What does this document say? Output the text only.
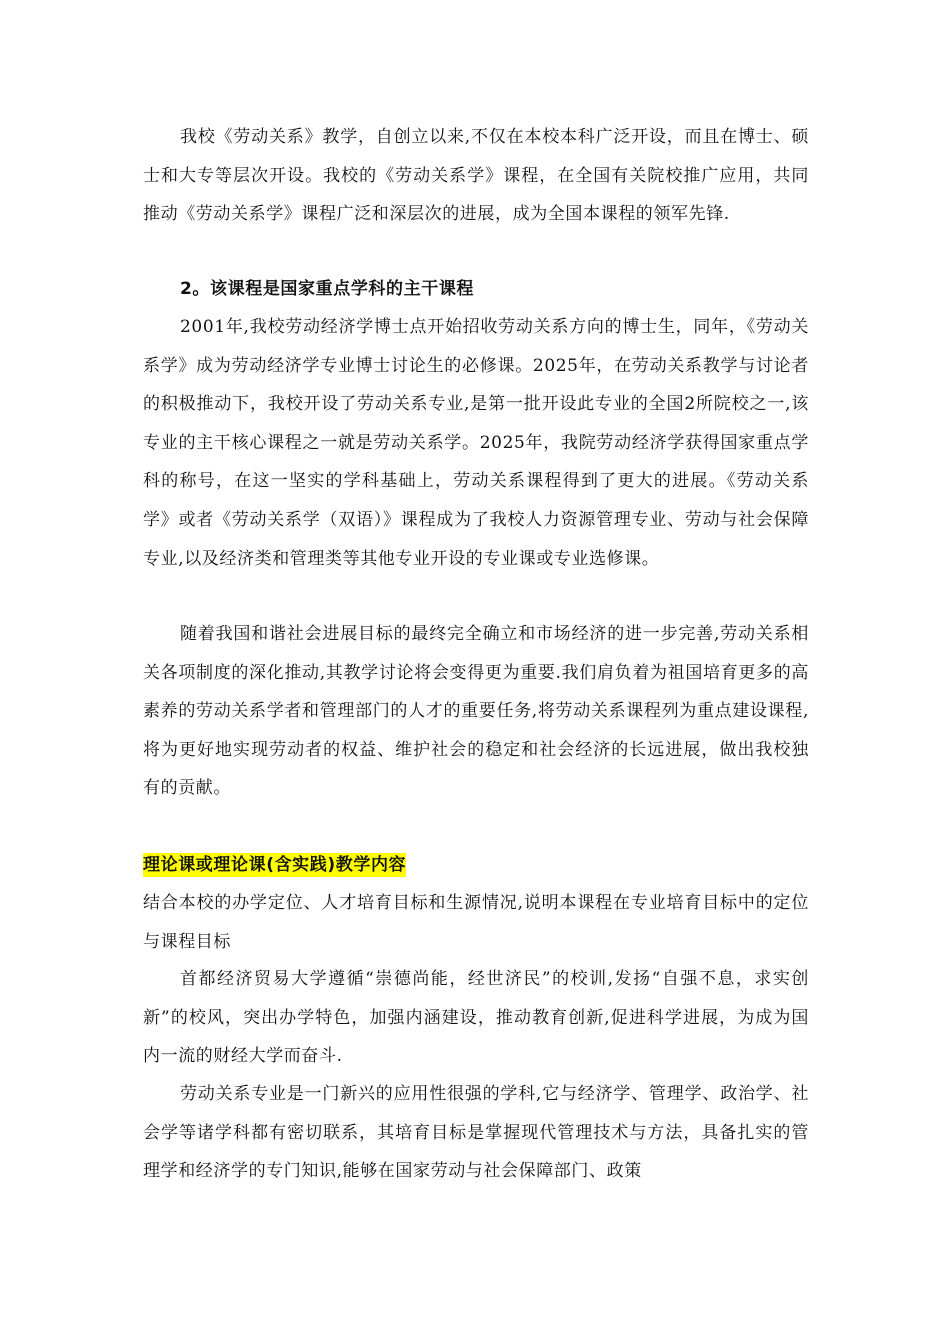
我校《劳动关系》教学，自创立以来,不仅在本校本科广泛开设，而且在博士、硕士和大专等层次开设。我校的《劳动关系学》课程，在全国有关院校推广应用，共同推动《劳动关系学》课程广泛和深层次的进展，成为全国本课程的领军先锋.
2。该课程是国家重点学科的主干课程
2001年,我校劳动经济学博士点开始招收劳动关系方向的博士生，同年，《劳动关系学》成为劳动经济学专业博士讨论生的必修课。2025年，在劳动关系教学与讨论者的积极推动下，我校开设了劳动关系专业,是第一批开设此专业的全国2所院校之一,该专业的主干核心课程之一就是劳动关系学。2025年，我院劳动经济学获得国家重点学科的称号，在这一坚实的学科基础上，劳动关系课程得到了更大的进展。《劳动关系学》或者《劳动关系学（双语）》课程成为了我校人力资源管理专业、劳动与社会保障专业,以及经济类和管理类等其他专业开设的专业课或专业选修课。
随着我国和谐社会进展目标的最终完全确立和市场经济的进一步完善,劳动关系相关各项制度的深化推动,其教学讨论将会变得更为重要.我们肩负着为祖国培育更多的高素养的劳动关系学者和管理部门的人才的重要任务,将劳动关系课程列为重点建设课程,将为更好地实现劳动者的权益、维护社会的稳定和社会经济的长远进展，做出我校独有的贡献。
理论课或理论课(含实践)教学内容
结合本校的办学定位、人才培育目标和生源情况,说明本课程在专业培育目标中的定位与课程目标
首都经济贸易大学遵循“崇德尚能，经世济民”的校训,发扬“自强不息，求实创新”的校风，突出办学特色，加强内涵建设，推动教育创新,促进科学进展，为成为国内一流的财经大学而奋斗.
劳动关系专业是一门新兴的应用性很强的学科,它与经济学、管理学、政治学、社会学等诸学科都有密切联系，其培育目标是掌握现代管理技术与方法，具备扎实的管理学和经济学的专门知识,能够在国家劳动与社会保障部门、政策
